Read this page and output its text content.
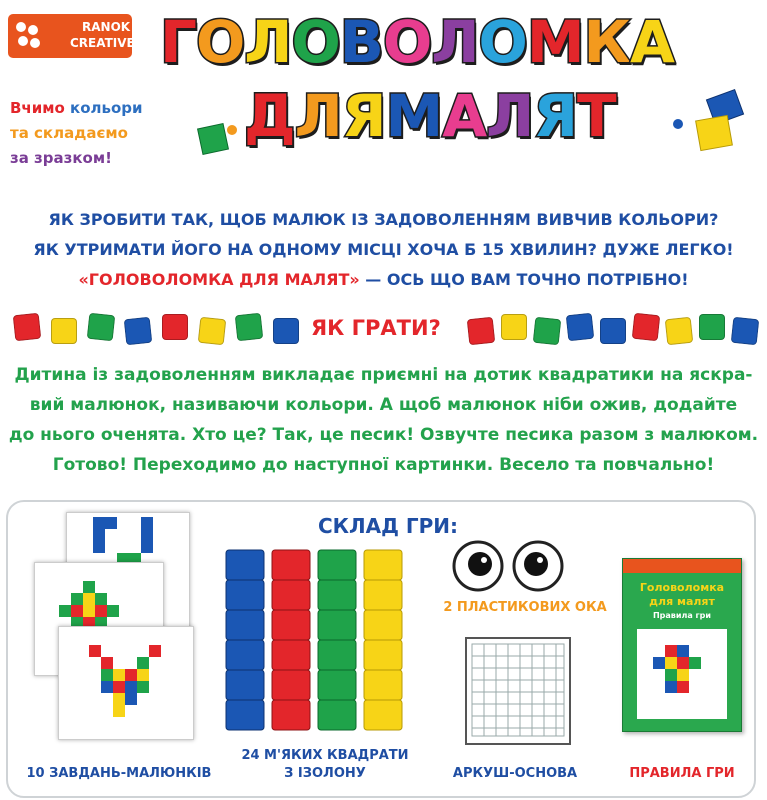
RANOK
CREATIVE ГОЛОВОЛОМКА
ДЛЯМАЛЯТ
Вчимо кольори
та складаємо
за зразком!
ЯК ЗРОБИТИ ТАК, ЩОБ МАЛЮК ІЗ ЗАДОВОЛЕННЯМ ВИВЧИВ КОЛЬОРИ?
ЯК УТРИМАТИ ЙОГО НА ОДНОМУ МІСЦІ ХОЧА Б 15 ХВИЛИН? ДУЖЕ ЛЕГКО!
«ГОЛОВОЛОМКА ДЛЯ МАЛЯТ» — ОСЬ ЩО ВАМ ТОЧНО ПОТРІБНО!
ЯК ГРАТИ?
Дитина із задоволенням викладає приємні на дотик квадратики на яскра-
вий малюнок, називаючи кольори. А щоб малюнок ніби ожив, додайте
до нього оченята. Хто це? Так, це песик! Озвучте песика разом з малюком.
Готово! Переходимо до наступної картинки. Весело та повчально!
СКЛАД ГРИ:
10 ЗАВДАНЬ-МАЛЮНКІВ
24 М'ЯКИХ КВАДРАТИ
З ІЗОЛОНУ
2 ПЛАСТИКОВИХ ОКА
АРКУШ-ОСНОВА
Головоломка
для малят
Правила гри
ПРАВИЛА ГРИ
